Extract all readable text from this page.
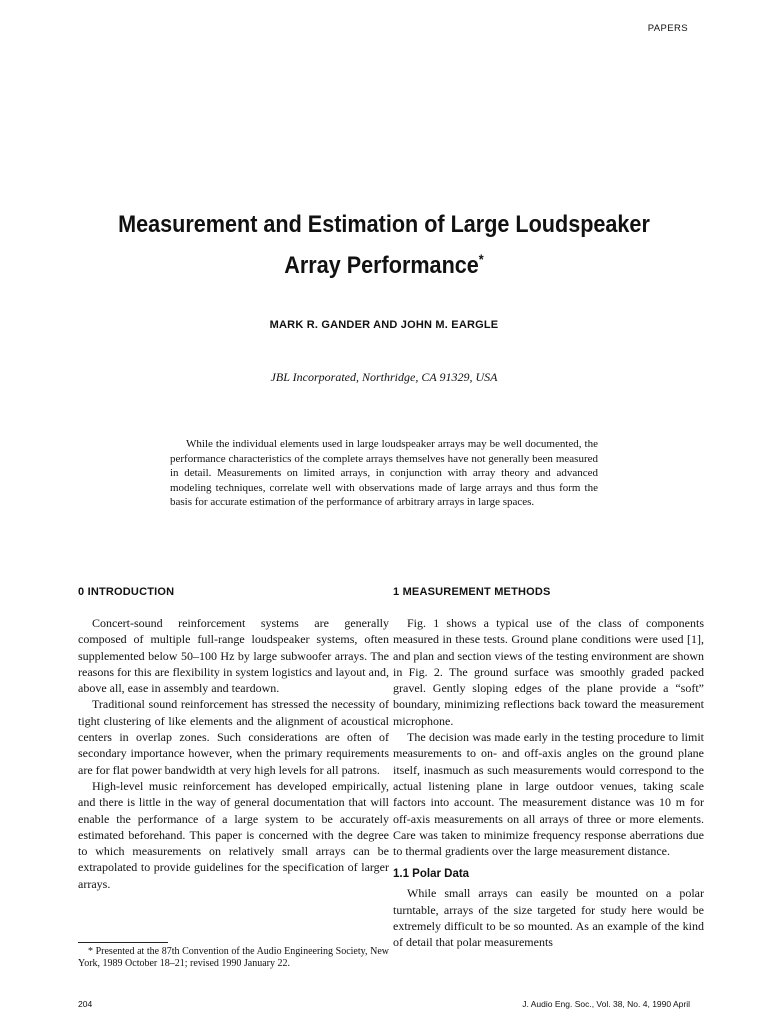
PAPERS
Measurement and Estimation of Large Loudspeaker Array Performance*
MARK R. GANDER AND JOHN M. EARGLE
JBL Incorporated, Northridge, CA 91329, USA

While the individual elements used in large loudspeaker arrays may be well documented, the performance characteristics of the complete arrays themselves have not generally been measured in detail. Measurements on limited arrays, in conjunction with array theory and advanced modeling techniques, correlate well with observations made of large arrays and thus form the basis for accurate estimation of the performance of arbitrary arrays in large spaces.

0 INTRODUCTION

Concert-sound reinforcement systems are generally composed of multiple full-range loudspeaker systems, often supplemented below 50–100 Hz by large subwoofer arrays. The reasons for this are flexibility in system logistics and layout and, above all, ease in assembly and teardown.

Traditional sound reinforcement has stressed the necessity of tight clustering of like elements and the alignment of acoustical centers in overlap zones. Such considerations are often of secondary importance however, when the primary requirements are for flat power bandwidth at very high levels for all patrons.

High-level music reinforcement has developed empirically, and there is little in the way of general documentation that will enable the performance of a large system to be accurately estimated beforehand. This paper is concerned with the degree to which measurements on relatively small arrays can be extrapolated to provide guidelines for the specification of larger arrays.

1 MEASUREMENT METHODS

Fig. 1 shows a typical use of the class of components measured in these tests. Ground plane conditions were used [1], and plan and section views of the testing environment are shown in Fig. 2. The ground surface was smoothly graded packed gravel. Gently sloping edges of the plane provide a “soft” boundary, minimizing reflections back toward the measurement microphone.

The decision was made early in the testing procedure to limit measurements to on- and off-axis angles on the ground plane itself, inasmuch as such measurements would correspond to the actual listening plane in large outdoor venues, taking scale factors into account. The measurement distance was 10 m for off-axis measurements on all arrays of three or more elements. Care was taken to minimize frequency response aberrations due to thermal gradients over the large measurement distance.

1.1 Polar Data

While small arrays can easily be mounted on a polar turntable, arrays of the size targeted for study here would be extremely difficult to be so mounted. As an example of the kind of detail that polar measurements

* Presented at the 87th Convention of the Audio Engineering Society, New York, 1989 October 18–21; revised 1990 January 22.

204	J. Audio Eng. Soc., Vol. 38, No. 4, 1990 April
